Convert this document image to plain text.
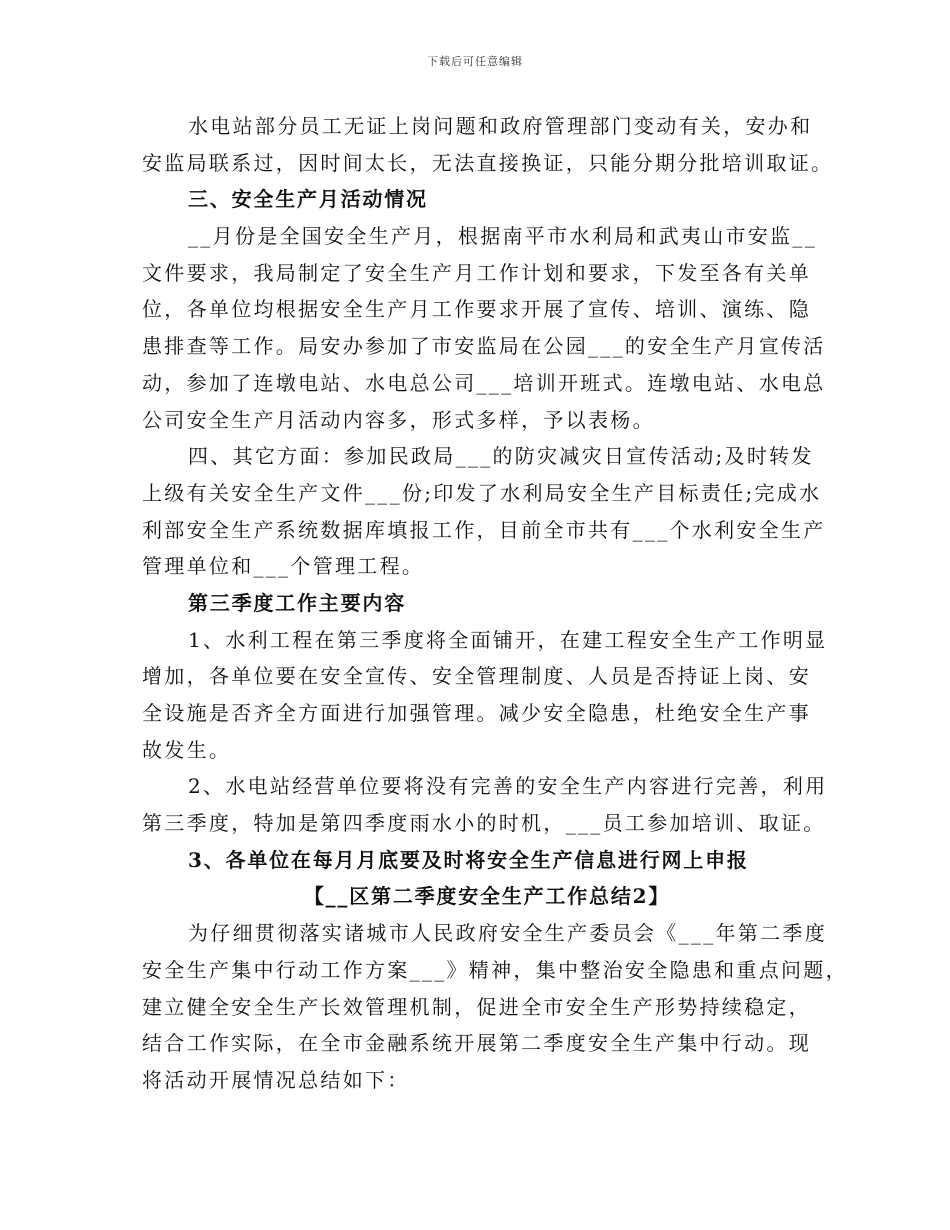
下载后可任意编辑
水电站部分员工无证上岗问题和政府管理部门变动有关，安办和
安监局联系过，因时间太长，无法直接换证，只能分期分批培训取证。
三、安全生产月活动情况
__月份是全国安全生产月，根据南平市水利局和武夷山市安监__
文件要求，我局制定了安全生产月工作计划和要求，下发至各有关单
位，各单位均根据安全生产月工作要求开展了宣传、培训、演练、隐
患排查等工作。局安办参加了市安监局在公园___的安全生产月宣传活
动，参加了连墩电站、水电总公司___培训开班式。连墩电站、水电总
公司安全生产月活动内容多，形式多样，予以表杨。
四、其它方面：参加民政局___的防灾减灾日宣传活动;及时转发
上级有关安全生产文件___份;印发了水利局安全生产目标责任;完成水
利部安全生产系统数据库填报工作，目前全市共有___个水利安全生产
管理单位和___个管理工程。
第三季度工作主要内容
1、水利工程在第三季度将全面铺开，在建工程安全生产工作明显
增加，各单位要在安全宣传、安全管理制度、人员是否持证上岗、安
全设施是否齐全方面进行加强管理。减少安全隐患，杜绝安全生产事
故发生。
2、水电站经营单位要将没有完善的安全生产内容进行完善，利用
第三季度，特加是第四季度雨水小的时机，___员工参加培训、取证。
3、各单位在每月月底要及时将安全生产信息进行网上申报
【__区第二季度安全生产工作总结2】
为仔细贯彻落实诸城市人民政府安全生产委员会《___年第二季度
安全生产集中行动工作方案___》精神，集中整治安全隐患和重点问题，
建立健全安全生产长效管理机制，促进全市安全生产形势持续稳定，
结合工作实际，在全市金融系统开展第二季度安全生产集中行动。现
将活动开展情况总结如下：
